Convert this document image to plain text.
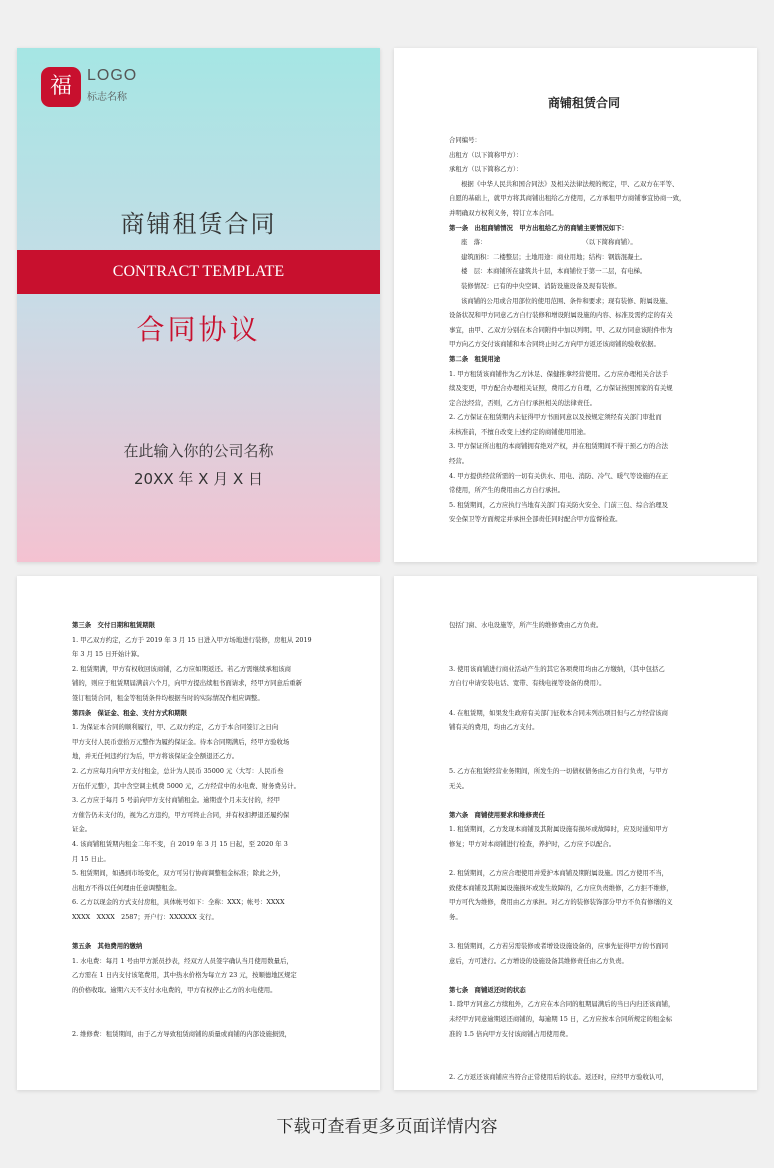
福 LOGO
标志名称
商铺租赁合同
CONTRACT TEMPLATE
合同协议
在此输入你的公司名称
20XX 年 X 月 X 日
商铺租赁合同
合同编号：
出租方（以下简称甲方）：
承租方（以下简称乙方）：
根据《中华人民共和国合同法》及相关法律法规的规定，甲、乙双方在平等、
自愿的基础上，就甲方将其商铺出租给乙方使用，乙方承租甲方商铺事宜协商一致，
并明确双方权利义务，特订立本合同。
第一条　出租商铺情况　甲方出租给乙方的商铺主要情况如下：
座　落：　　　　　　　　　　　　　　　　（以下简称商铺）。
建筑面积：二楼整层；土地用途：商业用地；结构：钢筋混凝土。
楼　层：本商铺所在建筑共十层，本商铺位于第一二层，有电梯。
装修情况：已有的中央空调、消防设施设备及现有装修。
该商铺的公用或合用部位的使用范围、条件和要求；现有装修、附属设施、
设备状况和甲方同意乙方自行装修和增设附属设施的内容、标准及需约定的有关
事宜，由甲、乙双方分别在本合同附件中加以列明。甲、乙双方同意该附件作为
甲方向乙方交付该商铺和本合同终止时乙方向甲方返还该商铺的验收依据。
第二条　租赁用途
1. 甲方租赁该商铺作为乙方沐足、保健推拿经营使用。乙方应办理相关合法手
续及变更，甲方配合办理相关证照，费用乙方自理，乙方保证按照国家的有关规
定合法经营，否则，乙方自行承担相关的法律责任。
2. 乙方保证在租赁期内未征得甲方书面同意以及按规定须经有关部门审批而
未核准前，不擅自改变上述约定的商铺使用用途。
3. 甲方保证所出租的本商铺拥有绝对产权，并在租赁期间不得干预乙方的合法
经营。
4. 甲方提供经营所需的一切有关供水、用电、消防、冷气、暖气等设施的在正
常使用，所产生的费用由乙方自行承担。
5. 租赁期间，乙方应执行当地有关部门有关防火安全、门前三包、综合治理及
安全保卫等方面规定并承担全部责任同时配合甲方监督检查。
第三条　交付日期和租赁期限
1. 甲乙双方约定，乙方于 2019 年 3 月 15 日进入甲方场地进行装修，房租从 2019
年 3 月 15 日开始计算。
2. 租赁期满，甲方有权收回该商铺，乙方应如期返还。若乙方需继续承租该商
铺的，则应于租赁期届满前六个月，向甲方提出续租书面请求，经甲方同意后重新
签订租赁合同，租金等租赁条件均根据当时的实际情况作相应调整。
第四条　保证金、租金、支付方式和期限
1. 为保证本合同的顺利履行，甲、乙双方约定，乙方于本合同签订之日向
甲方支付人民币壹拾万元整作为履约保证金。待本合同期满后，经甲方验收场
地，并无任何违约行为后，甲方将该保证金全额退还乙方。
2. 乙方应每月向甲方支付租金，总计为人民币 35000 元（大写：人民币叁
万伍仟元整），其中含空调主机费 5000 元，乙方经营中的水电费、财务费另计。
3. 乙方应于每月 5 号前向甲方支付商铺租金。逾期壹个月未支付的，经甲
方催告仍未支付的，视为乙方违约，甲方可终止合同，并有权扣押退还履约保
证金。
4. 该商铺租赁期内租金二年不变，自 2019 年 3 月 15 日起，至 2020 年 3
月 15 日止。
5. 租赁期间，如遇到市场变化，双方可另行协商调整租金标准；除此之外，
出租方不得以任何理由任意调整租金。
6. 乙方以现金的方式支付房租，具体帐号如下：全称：XXX；帐号：XXXX
XXXX　XXXX　2587；开户行：XXXXXX 支行。
第五条　其他费用的缴纳
1. 水电费：每月 1 号由甲方派员抄表，经双方人员签字确认当月使用数量后，
乙方需在 1 日内支付该笔费用，其中热水价格为每立方 23 元，按顺德地区规定
的价格收取。逾期六天不支付水电费的，甲方有权停止乙方的水电使用。
2. 维修费：租赁期间，由于乙方导致租赁商铺的质量或商铺的内部设施损毁，
包括门窗、水电设施等，所产生的维修费由乙方负责。
3. 使用该商铺进行商业活动产生的其它各项费用均由乙方缴纳，（其中包括乙
方自行申请安装电话、宽带、有线电视等设备的费用）。
4. 在租赁期，如果发生政府有关部门征收本合同未列出项目但与乙方经营该商
铺有关的费用，均由乙方支付。
5. 乙方在租赁经营业务期间，所发生的一切债权债务由乙方自行负责，与甲方
无关。
第六条　商铺使用要求和维修责任
1. 租赁期间，乙方发现本商铺及其附属设施有损坏或故障时，应及时通知甲方
修复；甲方对本商铺进行检查，养护时，乙方应予以配合。
2. 租赁期间，乙方应合理使用并爱护本商铺及期附属设施。因乙方使用不当，
致使本商铺及其附属设施损坏或发生故障的，乙方应负责维修，乙方拒不维修，
甲方可代为维修，费用由乙方承担。对乙方的装修装饰部分甲方不负有修缮的义
务。
3. 租赁期间，乙方若另需装修或者增设设施设备的，应事先征得甲方的书面同
意后，方可进行。乙方增设的设施设备其维修责任由乙方负责。
第七条　商铺返还时的状态
1. 除甲方同意乙方续租外，乙方应在本合同的租期届满后的当日内归还该商铺，
未经甲方同意逾期返还商铺的，每逾期 15 日，乙方应按本合同所规定的租金标
准的 1.5 倍向甲方支付该商铺占用使用费。
2. 乙方返还该商铺应当符合正常使用后的状态。返还时，应经甲方验收认可，
下载可查看更多页面详情内容
